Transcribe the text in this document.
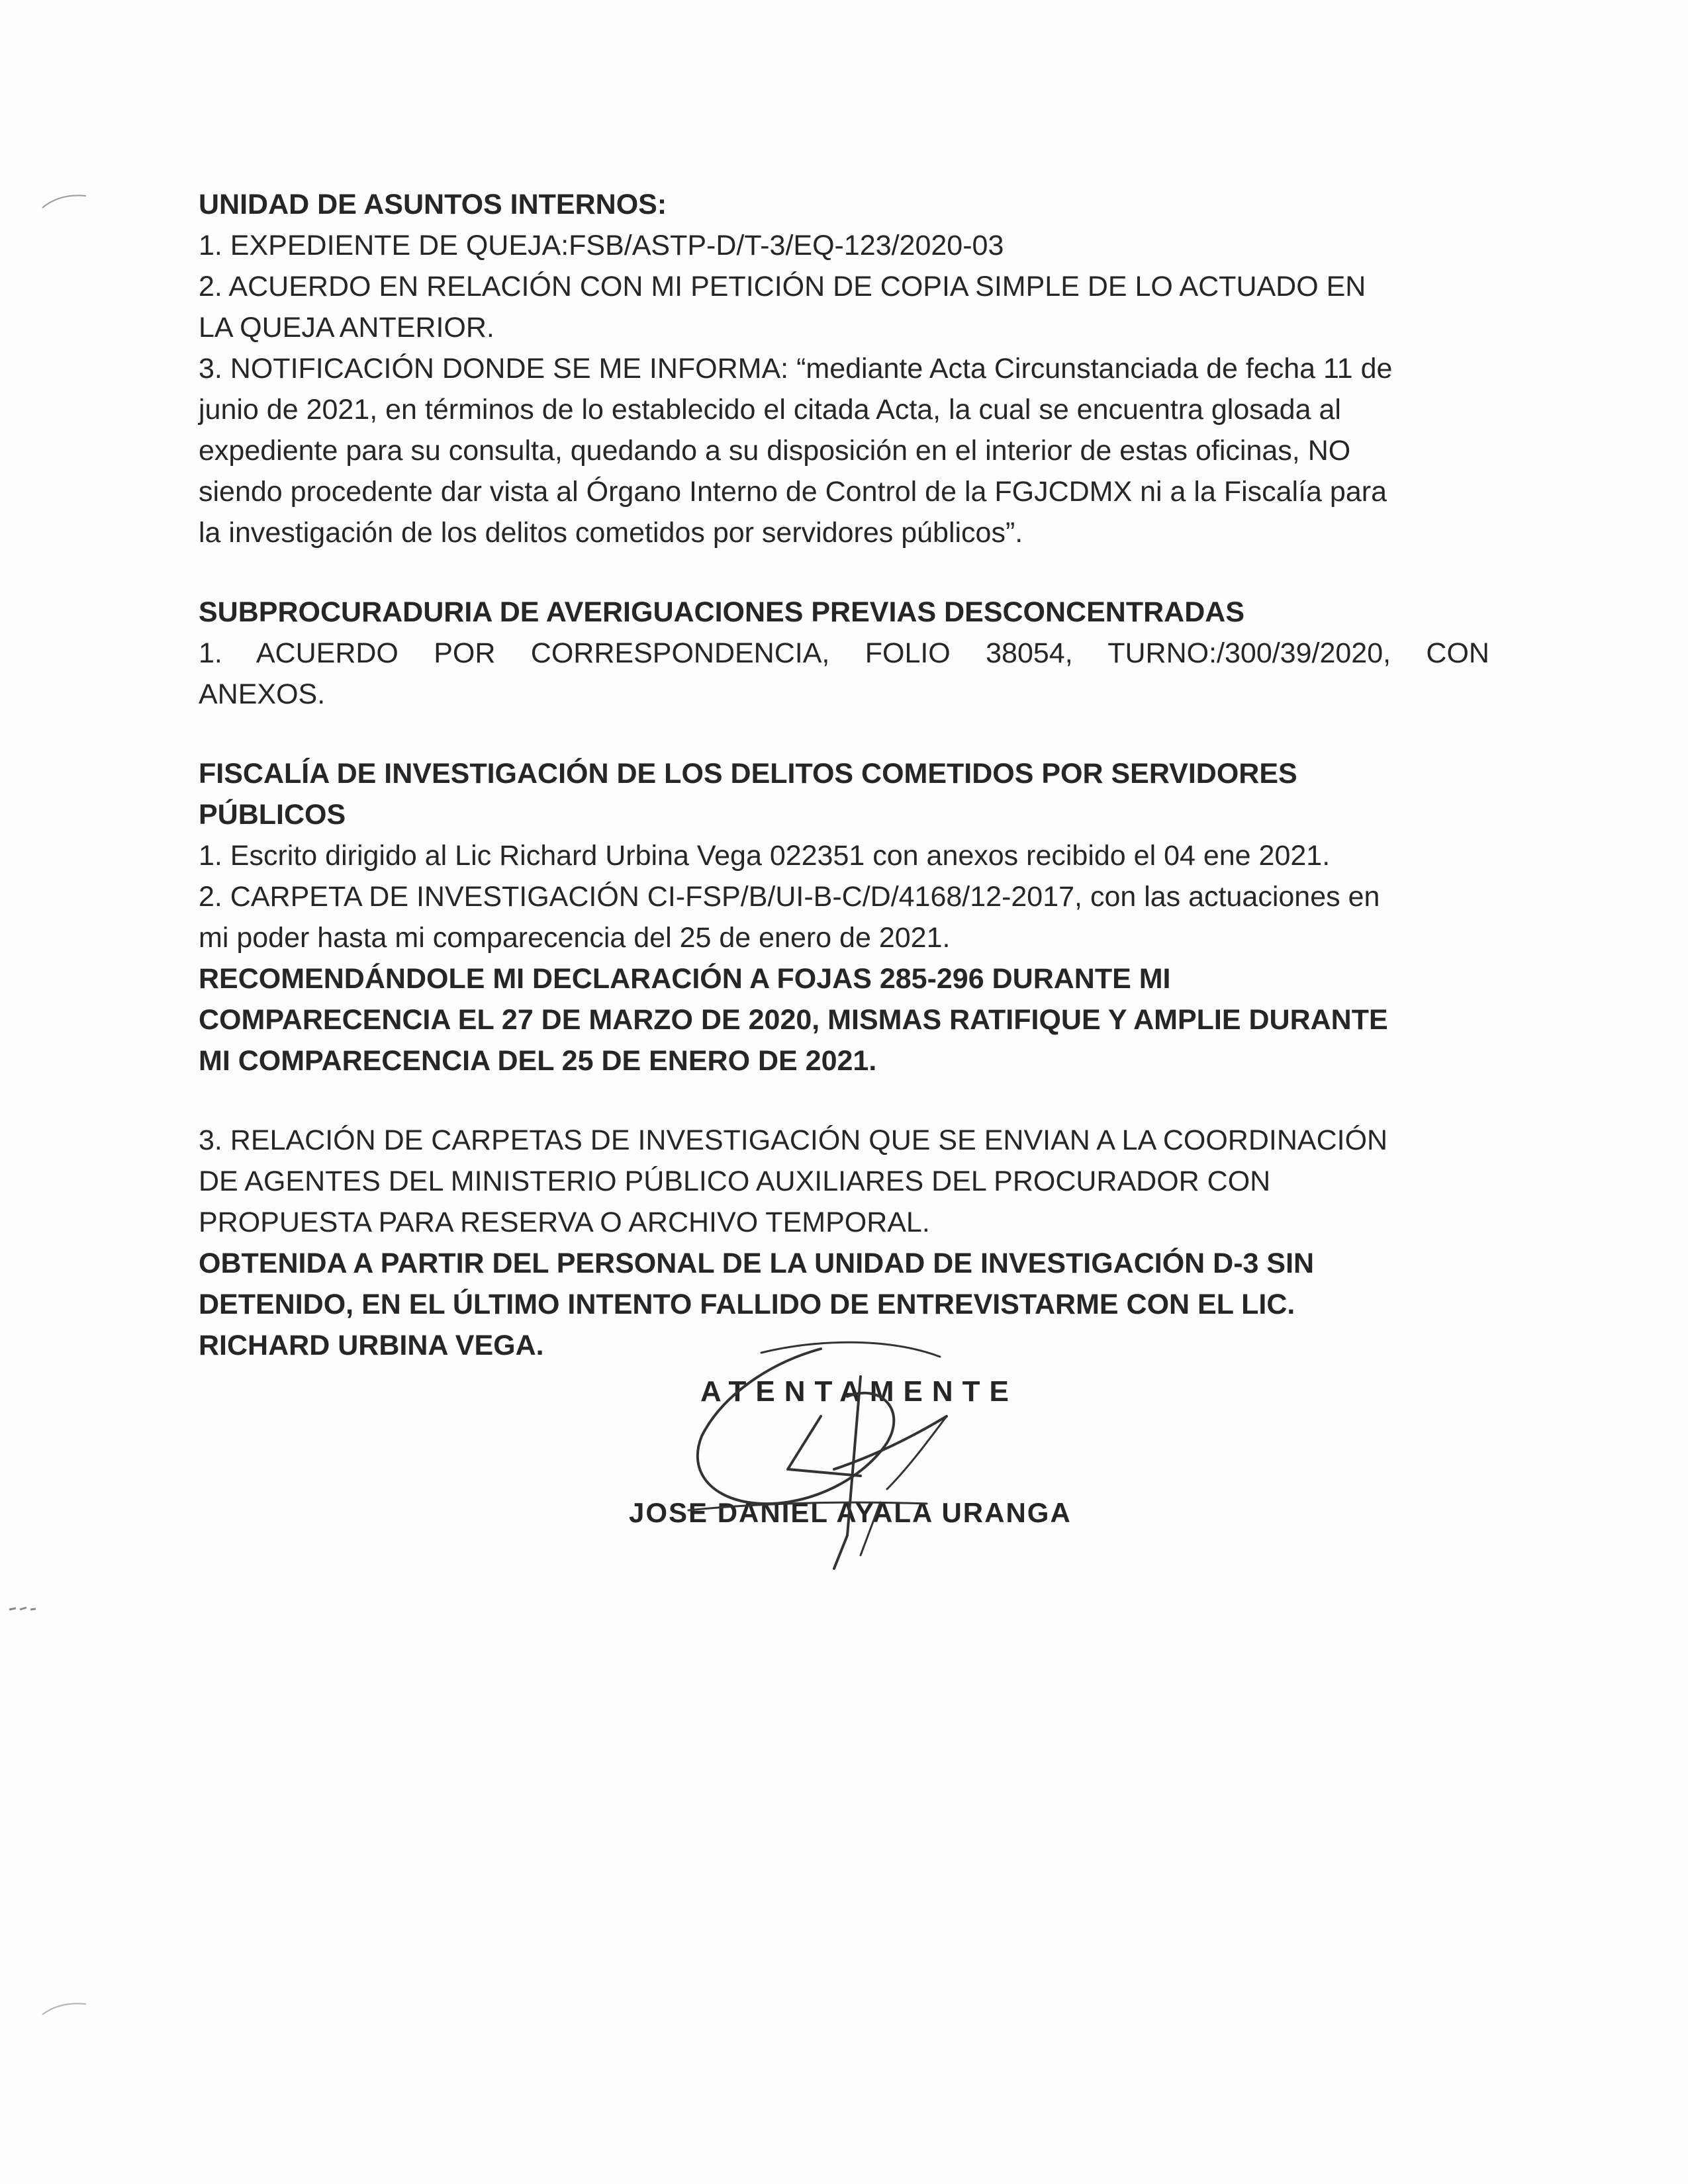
UNIDAD DE ASUNTOS INTERNOS:

1. EXPEDIENTE DE QUEJA:FSB/ASTP-D/T-3/EQ-123/2020-03

2. ACUERDO EN RELACIÓN CON MI PETICIÓN DE COPIA SIMPLE DE LO ACTUADO EN

LA QUEJA ANTERIOR.

3. NOTIFICACIÓN DONDE SE ME INFORMA: “mediante Acta Circunstanciada de fecha 11 de

junio de 2021, en términos de lo establecido el citada Acta, la cual se encuentra glosada al

expediente para su consulta, quedando a su disposición en el interior de estas oficinas, NO

siendo procedente dar vista al Órgano Interno de Control de la FGJCDMX ni a la Fiscalía para

la investigación de los delitos cometidos por servidores públicos”.

SUBPROCURADURIA DE AVERIGUACIONES PREVIAS DESCONCENTRADAS

1. ACUERDO POR CORRESPONDENCIA, FOLIO 38054, TURNO:/300/39/2020, CON

ANEXOS.

FISCALÍA DE INVESTIGACIÓN DE LOS DELITOS COMETIDOS POR SERVIDORES

PÚBLICOS

1. Escrito dirigido al Lic Richard Urbina Vega 022351 con anexos recibido el 04 ene 2021.

2. CARPETA DE INVESTIGACIÓN CI-FSP/B/UI-B-C/D/4168/12-2017, con las actuaciones en

mi poder hasta mi comparecencia del 25 de enero de 2021.

RECOMENDÁNDOLE MI DECLARACIÓN A FOJAS 285-296 DURANTE MI

COMPARECENCIA EL 27 DE MARZO DE 2020, MISMAS RATIFIQUE Y AMPLIE DURANTE

MI COMPARECENCIA DEL 25 DE ENERO DE 2021.

3. RELACIÓN DE CARPETAS DE INVESTIGACIÓN QUE SE ENVIAN A LA COORDINACIÓN

DE AGENTES DEL MINISTERIO PÚBLICO AUXILIARES DEL PROCURADOR CON

PROPUESTA PARA RESERVA O ARCHIVO TEMPORAL.

OBTENIDA A PARTIR DEL PERSONAL DE LA UNIDAD DE INVESTIGACIÓN D-3 SIN

DETENIDO, EN EL ÚLTIMO INTENTO FALLIDO DE ENTREVISTARME CON EL LIC.

RICHARD URBINA VEGA.

ATENTAMENTE

JOSE DANIEL AYALA URANGA
